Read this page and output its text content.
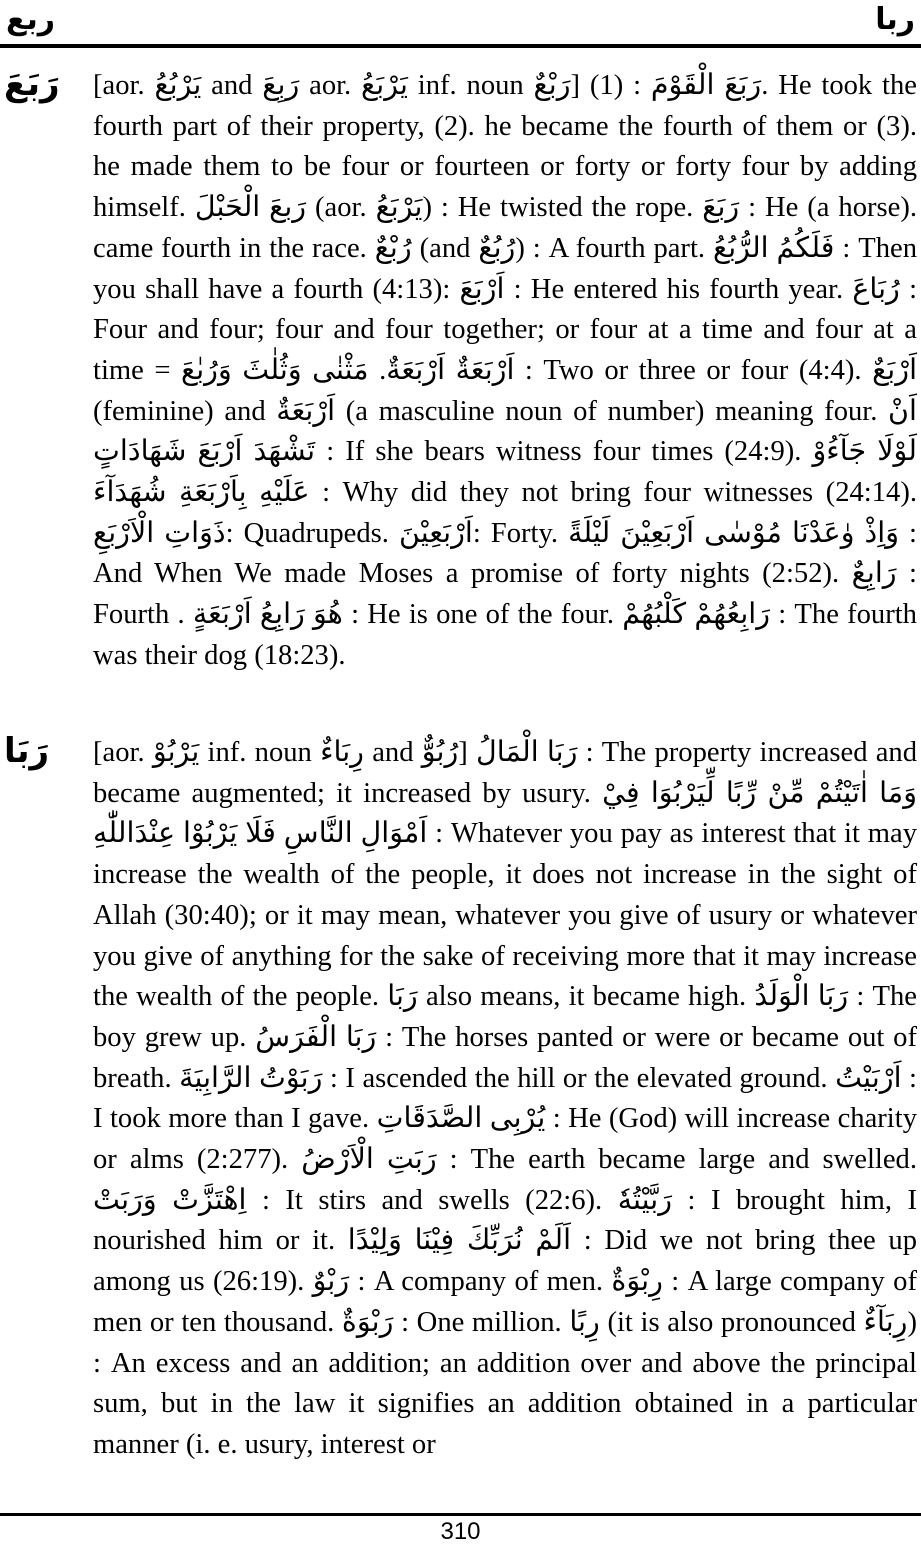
ربع	ربا
رَبَعَ [aor. يَرْبُعُ and رَبِعَ aor. يَرْبَعُ inf. noun رَبْعٌ] رَبَعَ الْقَوْمَ : (1). He took the fourth part of their property, (2). he became the fourth of them or (3). he made them to be four or fourteen or forty or forty four by adding himself. رَبعَ الْحَبْلَ (aor. يَرْبَعُ) : He twisted the rope. رَبَعَ : He (a horse). came fourth in the race. رُبْعٌ (and رُبُعٌ) : A fourth part. فَلَكُمُ الرُّبُعُ : Then you shall have a fourth (4:13): اَرْبَعَ : He entered his fourth year. رُبَاعَ : Four and four; four and four together; or four at a time and four at a time = اَرْبَعَةٌ اَرْبَعَةٌ. مَثْنٰى وَثُلٰثَ وَرُبٰعَ : Two or three or four (4:4). اَرْبَعٌ (feminine) and اَرْبَعَةٌ (a masculine noun of number) meaning four. اَنْ تَشْهَدَ اَرْبَعَ شَهَادَاتٍ : If she bears witness four times (24:9). لَوْلَا جَآءُوْ عَلَيْهِ بِاَرْبَعَةِ شُهَدَآءَ : Why did they not bring four witnesses (24:14). ذَوَاتِ الْاَرْبَعِ: Quadrupeds. اَرْبَعِيْنَ: Forty. وَاِذْ وٰعَدْنَا مُوْسٰى اَرْبَعِيْنَ لَيْلَةً : And When We made Moses a promise of forty nights (2:52). رَابِعٌ : Fourth . هُوَ رَابِعُ اَرْبَعَةٍ : He is one of the four. رَابِعُهُمْ كَلْبُهُمْ : The fourth was their dog (18:23).

رَبَا [aor. يَرْبُوْ inf. noun رِبَاءٌ and رُبُوٌّ] رَبَا الْمَالُ : The property increased and became augmented; it increased by usury. وَمَا اٰتَيْتُمْ مِّنْ رِّبًا لِّيَرْبُوَا فِيْ اَمْوَالِ النَّاسِ فَلَا يَرْبُوْا عِنْدَاللّٰهِ : Whatever you pay as interest that it may increase the wealth of the people, it does not increase in the sight of Allah (30:40); or it may mean, whatever you give of usury or whatever you give of anything for the sake of receiving more that it may increase the wealth of the people. رَبَا also means, it became high. رَبَا الْوَلَدُ : The boy grew up. رَبَا الْفَرَسُ : The horses panted or were or became out of breath. رَبَوْتُ الرَّابِيَةَ : I ascended the hill or the elevated ground. اَرْبَيْتُ : I took more than I gave. يُرْبِى الصَّدَقَاتِ : He (God) will increase charity or alms (2:277). رَبَتِ الْاَرْضُ : The earth became large and swelled. اِهْتَزَّتْ وَرَبَتْ : It stirs and swells (22:6). رَبَّيْتُهٗ : I brought him, I nourished him or it. اَلَمْ نُرَبِّكَ فِيْنَا وَلِيْدًا : Did we not bring thee up among us (26:19). رَبْوٌ : A company of men. رِبْوَةٌ : A large company of men or ten thousand. رَبْوَةٌ : One million. رِبًا (it is also pronounced رِبَآءٌ) : An excess and an addition; an addition over and above the principal sum, but in the law it signifies an addition obtained in a particular manner (i. e. usury, interest or

310
